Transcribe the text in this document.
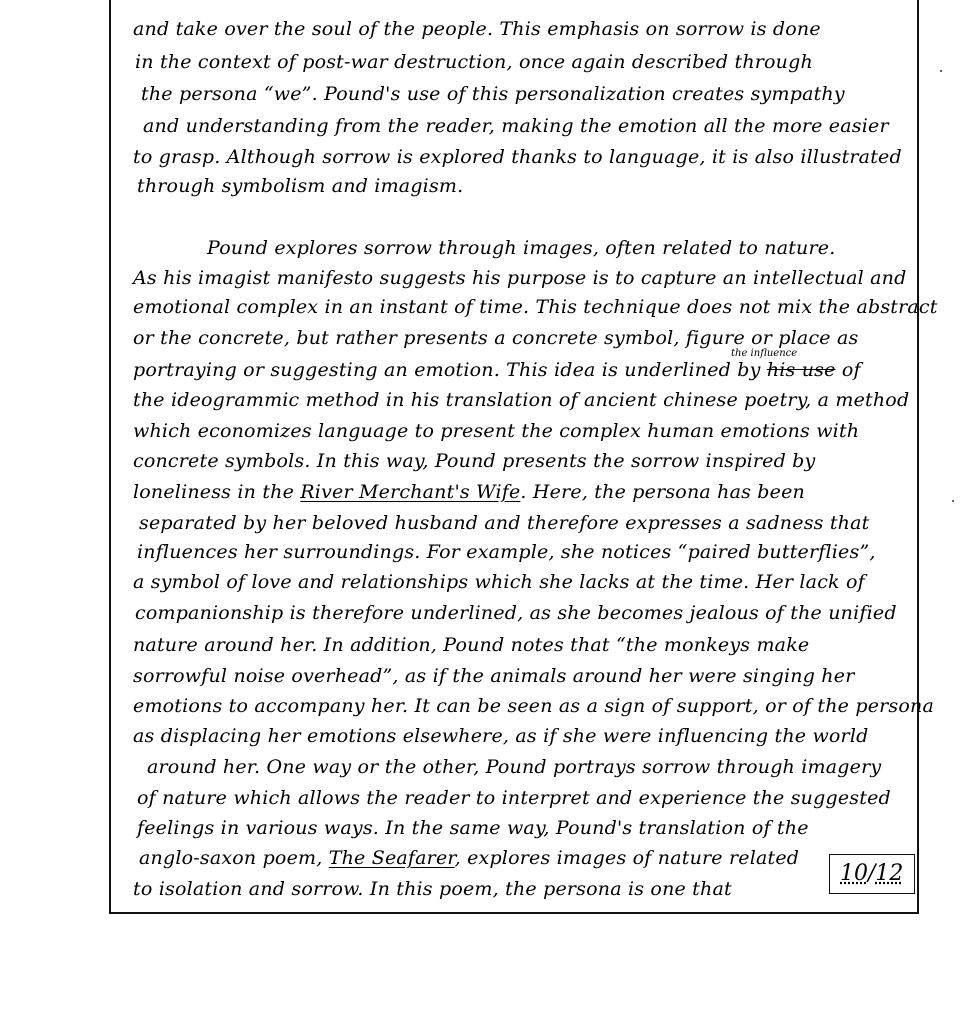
and take over the soul of the people. This emphasis on sorrow is done
in the context of post-war destruction, once again described through
the persona “we”. Pound's use of this personalization creates sympathy
and understanding from the reader, making the emotion all the more easier
to grasp. Although sorrow is explored thanks to language, it is also illustrated
through symbolism and imagism.
Pound explores sorrow through images, often related to nature.
As his imagist manifesto suggests his purpose is to capture an intellectual and
emotional complex in an instant of time. This technique does not mix the abstract
or the concrete, but rather presents a concrete symbol, figure or place as
portraying or suggesting an emotion. This idea is underlined by his use of
the influence
the ideogrammic method in his translation of ancient chinese poetry, a method
which economizes language to present the complex human emotions with
concrete symbols. In this way, Pound presents the sorrow inspired by
loneliness in the River Merchant's Wife. Here, the persona has been
separated by her beloved husband and therefore expresses a sadness that
influences her surroundings. For example, she notices “paired butterflies”,
a symbol of love and relationships which she lacks at the time. Her lack of
companionship is therefore underlined, as she becomes jealous of the unified
nature around her. In addition, Pound notes that “the monkeys make
sorrowful noise overhead”, as if the animals around her were singing her
emotions to accompany her. It can be seen as a sign of support, or of the persona
as displacing her emotions elsewhere, as if she were influencing the world
around her. One way or the other, Pound portrays sorrow through imagery
of nature which allows the reader to interpret and experience the suggested
feelings in various ways. In the same way, Pound's translation of the
anglo-saxon poem, The Seafarer, explores images of nature related
to isolation and sorrow. In this poem, the persona is one that
10/12
